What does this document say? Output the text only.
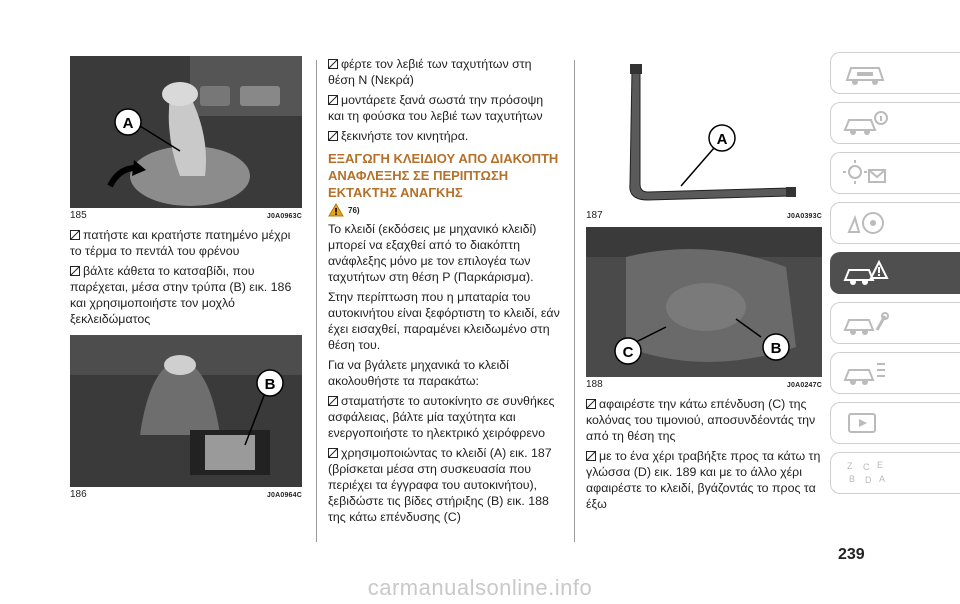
A
185	J0A0963C

πατήστε και κρατήστε πατημένο μέχρι το τέρμα το πεντάλ του φρένου

βάλτε κάθετα το κατσαβίδι, που παρέχεται, μέσα στην τρύπα (B) εικ. 186 και χρησιμοποιήστε τον μοχλό ξεκλειδώματος

B
186	J0A0964C

φέρτε τον λεβιέ των ταχυτήτων στη θέση N (Νεκρά)

μοντάρετε ξανά σωστά την πρόσοψη και τη φούσκα του λεβιέ των ταχυτήτων

ξεκινήστε τον κινητήρα.

ΕΞΑΓΩΓΗ ΚΛΕΙΔΙΟΥ ΑΠΟ ΔΙΑΚΟΠΤΗ ΑΝΑΦΛΕΞΗΣ ΣΕ ΠΕΡΙΠΤΩΣΗ ΕΚΤΑΚΤΗΣ ΑΝΑΓΚΗΣ
76)

Το κλειδί (εκδόσεις με μηχανικό κλειδί) μπορεί να εξαχθεί από το διακόπτη ανάφλεξης μόνο με τον επιλογέα των ταχυτήτων στη θέση P (Παρκάρισμα).

Στην περίπτωση που η μπαταρία του αυτοκινήτου είναι ξεφόρτιστη το κλειδί, εάν έχει εισαχθεί, παραμένει κλειδωμένο στη θέση του.

Για να βγάλετε μηχανικά το κλειδί ακολουθήστε τα παρακάτω:

σταματήστε το αυτοκίνητο σε συνθήκες ασφάλειας, βάλτε μία ταχύτητα και ενεργοποιήστε το ηλεκτρικό χειρόφρενο

χρησιμοποιώντας το κλειδί (A) εικ. 187 (βρίσκεται μέσα στη συσκευασία που περιέχει τα έγγραφα του αυτοκινήτου), ξεβιδώστε τις βίδες στήριξης (B) εικ. 188 της κάτω επένδυσης (C)

A
187	J0A0393C
C	B
188	J0A0247C

αφαιρέστε την κάτω επένδυση (C) της κολόνας του τιμονιού, αποσυνδέοντάς την από τη θέση της

με το ένα χέρι τραβήξτε προς τα κάτω τη γλώσσα (D) εικ. 189 και με το άλλο χέρι αφαιρέστε το κλειδί, βγάζοντάς το προς τα έξω

Z C E
B D A
239
carmanualsonline.info
